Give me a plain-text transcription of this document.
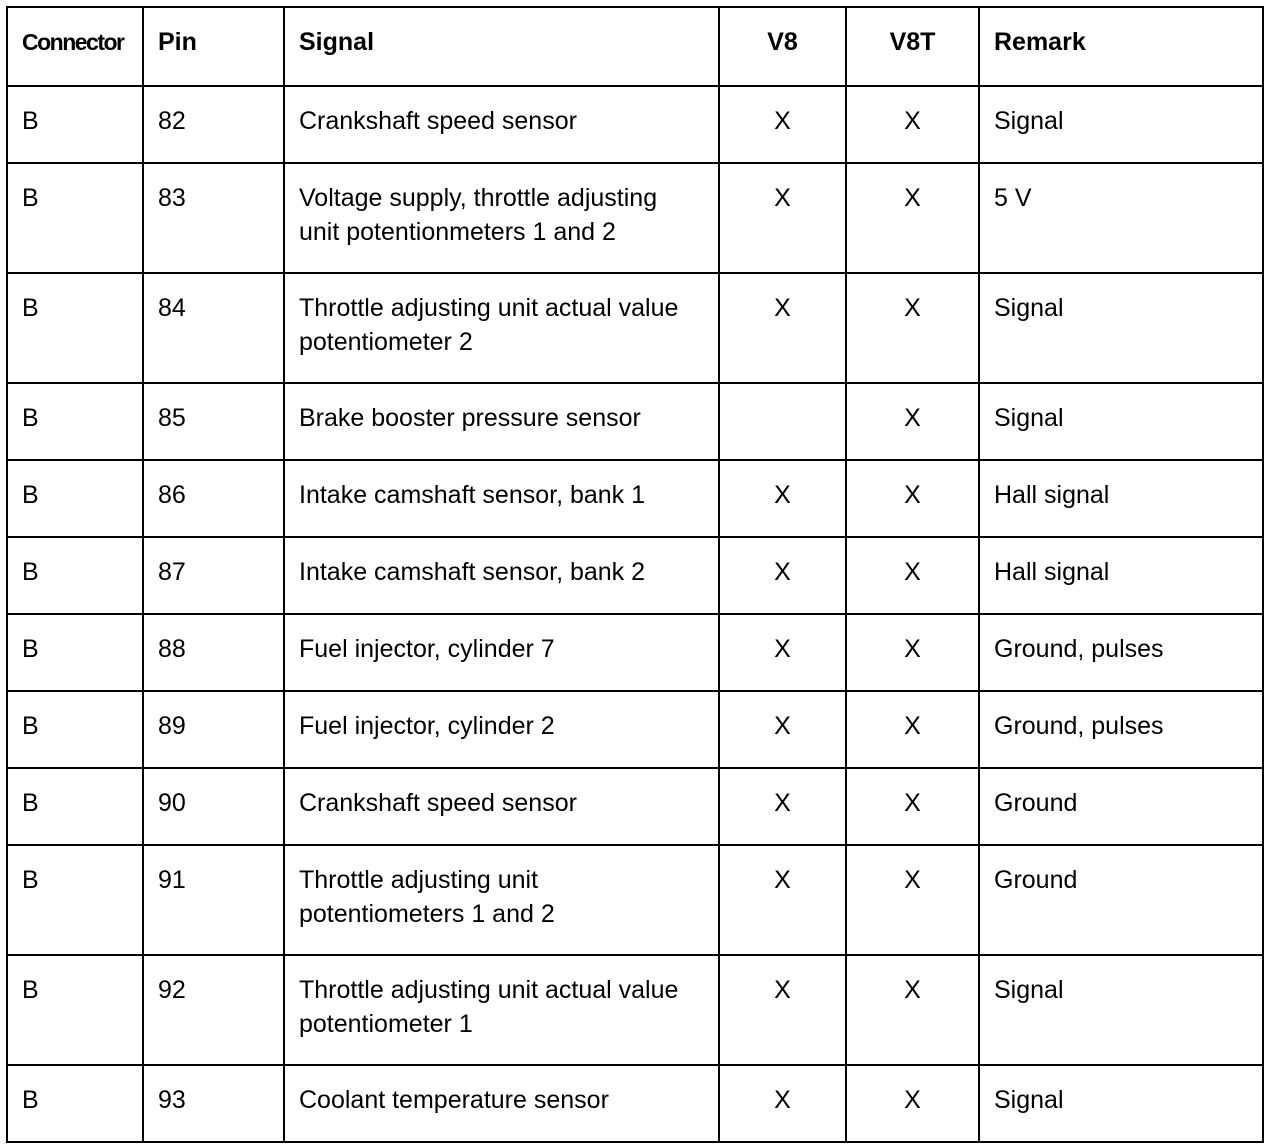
Connector	Pin	Signal	V8	V8T	Remark
B	82	Crankshaft speed sensor	X	X	Signal
B	83	Voltage supply, throttle adjusting unit potentionmeters 1 and 2	X	X	5 V
B	84	Throttle adjusting unit actual value potentiometer 2	X	X	Signal
B	85	Brake booster pressure sensor		X	Signal
B	86	Intake camshaft sensor, bank 1	X	X	Hall signal
B	87	Intake camshaft sensor, bank 2	X	X	Hall signal
B	88	Fuel injector, cylinder 7	X	X	Ground, pulses
B	89	Fuel injector, cylinder 2	X	X	Ground, pulses
B	90	Crankshaft speed sensor	X	X	Ground
B	91	Throttle adjusting unit potentiometers 1 and 2	X	X	Ground
B	92	Throttle adjusting unit actual value potentiometer 1	X	X	Signal
B	93	Coolant temperature sensor	X	X	Signal
